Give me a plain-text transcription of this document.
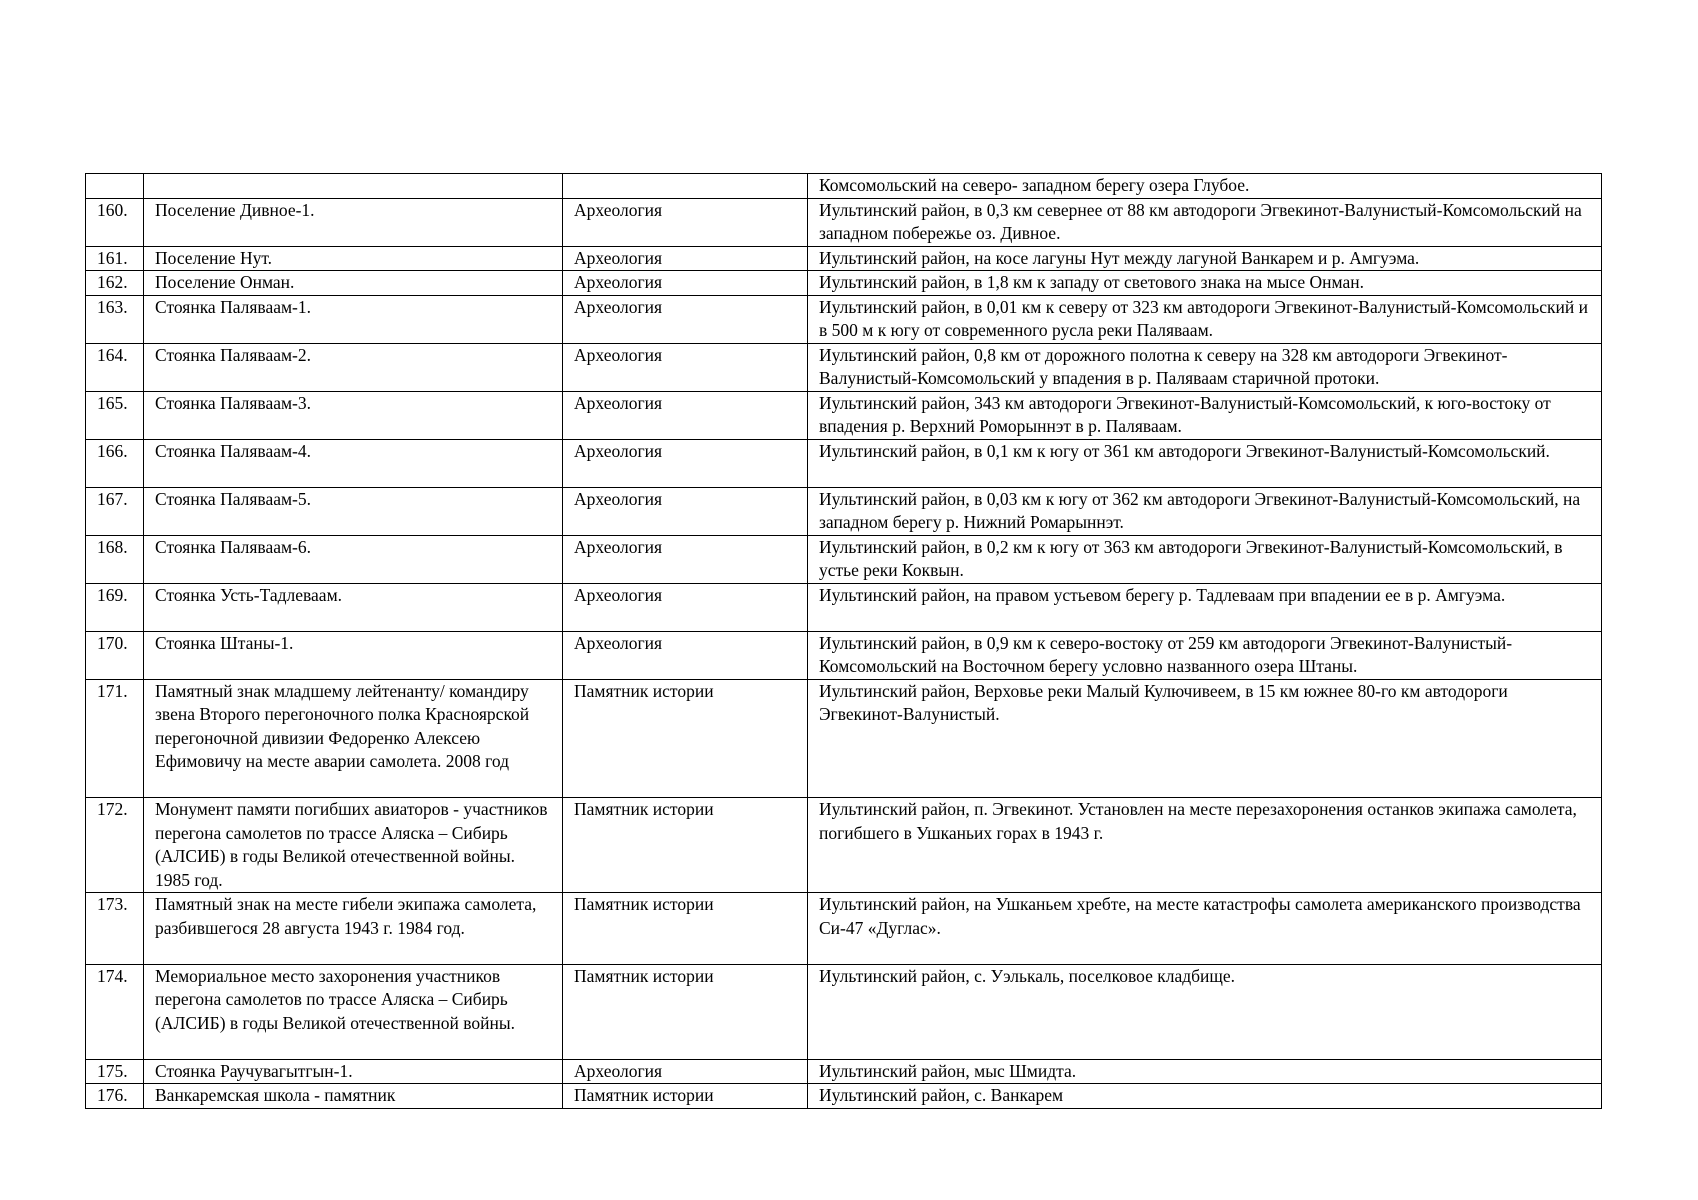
			Комсомольский на северо- западном берегу озера Глубое.
160.	Поселение Дивное-1.	Археология	Иультинский район, в 0,3 км севернее от 88 км автодороги Эгвекинот-Валунистый-Комсомольский на западном побережье оз. Дивное.
161.	Поселение Нут.	Археология	Иультинский район, на косе лагуны Нут между лагуной Ванкарем и р. Амгуэма.
162.	Поселение Онман.	Археология	Иультинский район, в 1,8 км к западу от светового знака на мысе Онман.
163.	Стоянка Паляваам-1.	Археология	Иультинский район, в 0,01 км к северу от 323 км автодороги Эгвекинот-Валунистый-Комсомольский и в 500 м к югу от современного русла реки Паляваам.
164.	Стоянка Паляваам-2.	Археология	Иультинский район, 0,8 км от дорожного полотна к северу на 328 км автодороги Эгвекинот-Валунистый-Комсомольский у впадения в р. Паляваам старичной протоки.
165.	Стоянка Паляваам-3.	Археология	Иультинский район, 343 км автодороги Эгвекинот-Валунистый-Комсомольский, к юго-востоку от впадения р. Верхний Роморыннэт в р. Паляваам.
166.	Стоянка Паляваам-4.	Археология	Иультинский район, в 0,1 км к югу от 361 км автодороги Эгвекинот-Валунистый-Комсомольский.
167.	Стоянка Паляваам-5.	Археология	Иультинский район, в 0,03 км к югу от 362 км автодороги Эгвекинот-Валунистый-Комсомольский, на западном берегу р. Нижний Ромарыннэт.
168.	Стоянка Паляваам-6.	Археология	Иультинский район, в 0,2 км к югу от 363 км автодороги Эгвекинот-Валунистый-Комсомольский, в устье реки Коквын.
169.	Стоянка Усть-Тадлеваам.	Археология	Иультинский район, на правом устьевом берегу р. Тадлеваам при впадении ее в р. Амгуэма.
170.	Стоянка Штаны-1.	Археология	Иультинский район, в 0,9 км к северо-востоку от 259 км автодороги Эгвекинот-Валунистый- Комсомольский на Восточном берегу условно названного озера Штаны.
171.	Памятный знак младшему лейтенанту/ командиру звена Второго перегоночного полка Красноярской перегоночной дивизии Федоренко Алексею Ефимовичу на месте аварии самолета. 2008 год	Памятник истории	Иультинский район, Верховье реки Малый Кулючивеем, в 15 км южнее 80-го км автодороги Эгвекинот-Валунистый.
172.	Монумент памяти погибших авиаторов - участников перегона самолетов по трассе Аляска – Сибирь (АЛСИБ) в годы Великой отечественной войны. 1985 год.	Памятник истории	Иультинский район, п. Эгвекинот. Установлен на месте перезахоронения останков экипажа самолета, погибшего в Ушканьих горах в 1943 г.
173.	Памятный знак на месте гибели экипажа самолета, разбившегося 28 августа 1943 г. 1984 год.	Памятник истории	Иультинский район, на Ушканьем хребте, на месте катастрофы самолета американского производства Си-47 «Дуглас».
174.	Мемориальное место захоронения участников перегона самолетов по трассе Аляска – Сибирь (АЛСИБ) в годы Великой отечественной войны.	Памятник истории	Иультинский район, с. Уэлькаль, поселковое кладбище.
175.	Стоянка Раучувагытгын-1.	Археология	Иультинский район, мыс Шмидта.
176.	Ванкаремская школа - памятник	Памятник истории	Иультинский район, с. Ванкарем
